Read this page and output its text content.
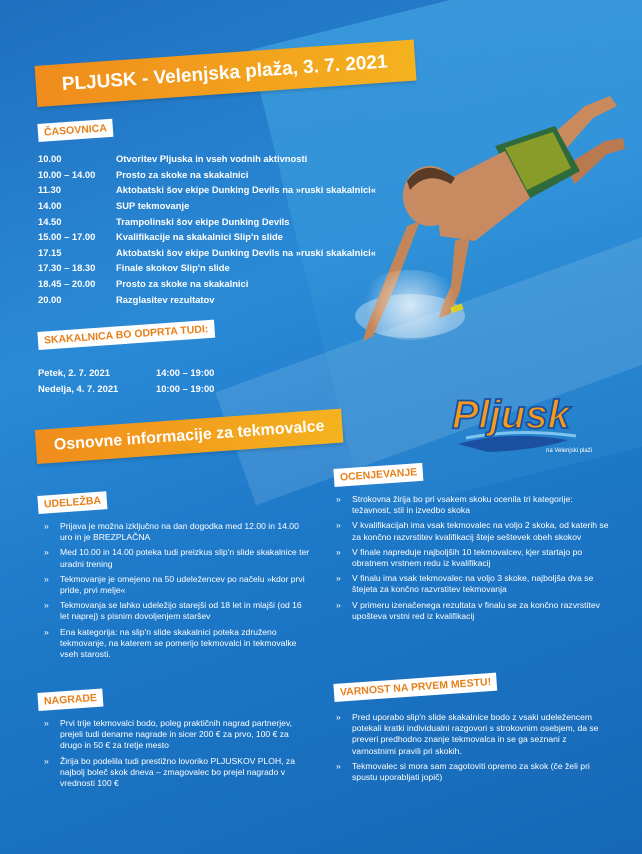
PLJUSK - Velenjska plaža, 3. 7. 2021
ČASOVNICA
10.00	Otvoritev Pljuska in vseh vodnih aktivnosti
10.00 – 14.00	Prosto za skoke na skakalnici
11.30	Aktobatski šov ekipe Dunking Devils na »ruski skakalnici«
14.00	SUP tekmovanje
14.50	Trampolinski šov ekipe Dunking Devils
15.00 – 17.00	Kvalifikacije na skakalnici Slip'n slide
17.15	Aktobatski šov ekipe Dunking Devils na »ruski skakalnici«
17.30 – 18.30	Finale skokov Slip'n slide
18.45 – 20.00	Prosto za skoke na skakalnici
20.00	Razglasitev rezultatov
SKAKALNICA BO ODPRTA TUDI:
Petek, 2. 7. 2021	14:00 – 19:00
Nedelja, 4. 7. 2021	10:00 – 19:00
Pljusk
na Velenjski plaži
Osnovne informacije za tekmovalce
UDELEŽBA
» Prijava je možna izključno na dan dogodka med 12.00 in 14.00 uro in je BREZPLAČNA
» Med 10.00 in 14.00 poteka tudi preizkus slip'n slide skakalnice ter uradni trening
» Tekmovanje je omejeno na 50 udeležencev po načelu »kdor prvi pride, prvi melje«
» Tekmovanja se lahko udeležijo starejši od 18 let in mlajši (od 16 let naprej) s pisnim dovoljenjem staršev
» Ena kategorija: na slip'n slide skakalnici poteka združeno tekmovanje, na katerem se pomerijo tekmovalci in tekmovalke vseh starosti.
OCENJEVANJE
» Strokovna žirija bo pri vsakem skoku ocenila tri kategorije: težavnost, stil in izvedbo skoka
» V kvalifikacijah ima vsak tekmovalec na voljo 2 skoka, od katerih se za končno razvrstitev kvalifikacij šteje seštevek obeh skokov
» V finale napreduje najboljših 10 tekmovalcev, kjer startajo po obratnem vrstnem redu iz kvalifikacij
» V finalu ima vsak tekmovalec na voljo 3 skoke, najboljša dva se štejeta za končno razvrstitev tekmovanja
» V primeru izenačenega rezultata v finalu se za končno razvrstitev upošteva vrstni red iz kvalifikacij
NAGRADE
» Prvi trije tekmovalci bodo, poleg praktičnih nagrad partnerjev, prejeli tudi denarne nagrade in sicer 200 € za prvo, 100 € za drugo in 50 € za tretje mesto
» Žirija bo podelila tudi prestižno lovoriko PLJUSKOV PLOH, za najbolj boleč skok dneva – zmagovalec bo prejel nagrado v vrednosti 100 €
VARNOST NA PRVEM MESTU!
» Pred uporabo slip'n slide skakalnice bodo z vsaki udeležencem potekali kratki individualni razgovori s strokovnim osebjem, da se preveri predhodno znanje tekmovalca in se ga seznani z varnostnimi pravili pri skokih.
» Tekmovalec si mora sam zagotoviti opremo za skok (če želi pri spustu uporabljati jopič)
